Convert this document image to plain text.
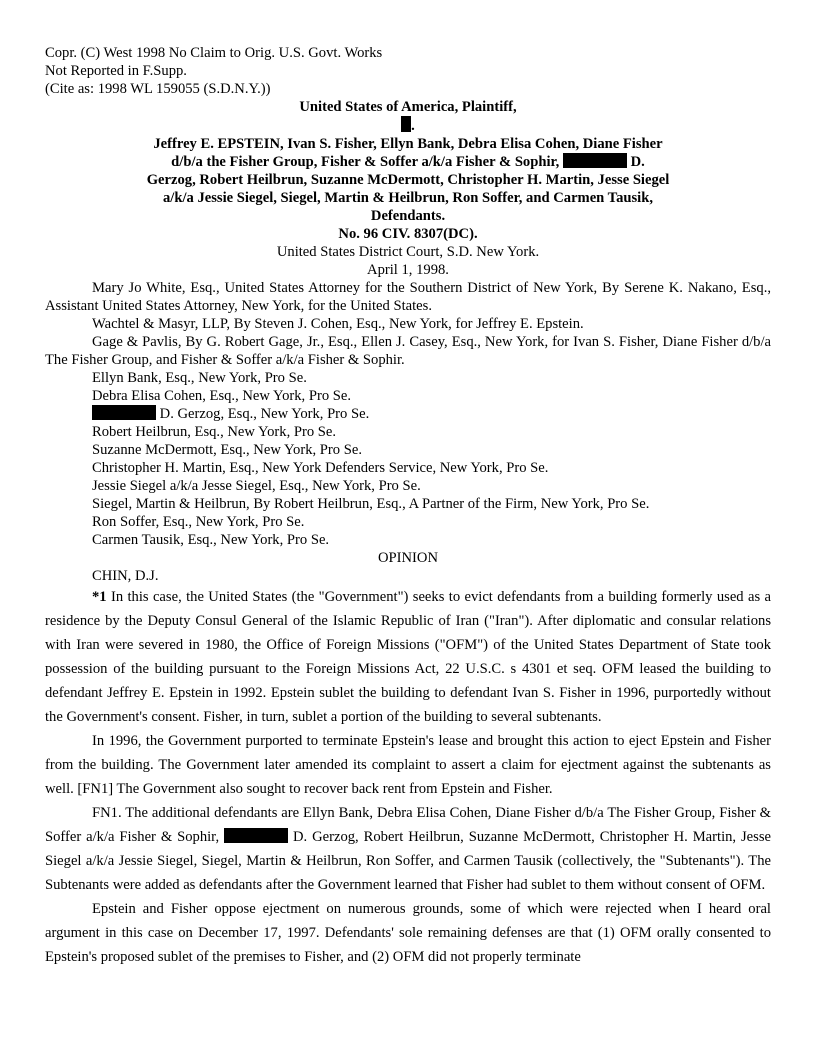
Copr. (C) West 1998 No Claim to Orig. U.S. Govt. Works
Not Reported in F.Supp.
(Cite as: 1998 WL 159055 (S.D.N.Y.))
United States of America, Plaintiff,
.
Jeffrey E. EPSTEIN, Ivan S. Fisher, Ellyn Bank, Debra Elisa Cohen, Diane Fisher
d/b/a the Fisher Group, Fisher & Soffer a/k/a Fisher & Sophir,	D.
Gerzog, Robert Heilbrun, Suzanne McDermott, Christopher H. Martin, Jesse Siegel
a/k/a Jessie Siegel, Siegel, Martin & Heilbrun, Ron Soffer, and Carmen Tausik,
Defendants.
No. 96 CIV. 8307(DC).
United States District Court, S.D. New York.
April 1, 1998.
Mary Jo White, Esq., United States Attorney for the Southern District of New York, By Serene K. Nakano, Esq., Assistant United States Attorney, New York, for the United States.
Wachtel & Masyr, LLP, By Steven J. Cohen, Esq., New York, for Jeffrey E. Epstein.
Gage & Pavlis, By G. Robert Gage, Jr., Esq., Ellen J. Casey, Esq., New York, for Ivan S. Fisher, Diane Fisher d/b/a The Fisher Group, and Fisher & Soffer a/k/a Fisher & Sophir.
Ellyn Bank, Esq., New York, Pro Se.
Debra Elisa Cohen, Esq., New York, Pro Se.
D. Gerzog, Esq., New York, Pro Se.
Robert Heilbrun, Esq., New York, Pro Se.
Suzanne McDermott, Esq., New York, Pro Se.
Christopher H. Martin, Esq., New York Defenders Service, New York, Pro Se.
Jessie Siegel a/k/a Jesse Siegel, Esq., New York, Pro Se.
Siegel, Martin & Heilbrun, By Robert Heilbrun, Esq., A Partner of the Firm, New York, Pro Se.
Ron Soffer, Esq., New York, Pro Se.
Carmen Tausik, Esq., New York, Pro Se.
OPINION
CHIN, D.J.
*1 In this case, the United States (the "Government") seeks to evict defendants from a building formerly used as a residence by the Deputy Consul General of the Islamic Republic of Iran ("Iran"). After diplomatic and consular relations with Iran were severed in 1980, the Office of Foreign Missions ("OFM") of the United States Department of State took possession of the building pursuant to the Foreign Missions Act, 22 U.S.C. s 4301 et seq. OFM leased the building to defendant Jeffrey E. Epstein in 1992. Epstein sublet the building to defendant Ivan S. Fisher in 1996, purportedly without the Government's consent. Fisher, in turn, sublet a portion of the building to several subtenants.
In 1996, the Government purported to terminate Epstein's lease and brought this action to eject Epstein and Fisher from the building. The Government later amended its complaint to assert a claim for ejectment against the subtenants as well. [FN1] The Government also sought to recover back rent from Epstein and Fisher.
FN1. The additional defendants are Ellyn Bank, Debra Elisa Cohen, Diane Fisher d/b/a The Fisher Group, Fisher & Soffer a/k/a Fisher & Sophir,	D. Gerzog, Robert Heilbrun, Suzanne McDermott, Christopher H. Martin, Jesse Siegel a/k/a Jessie Siegel, Siegel, Martin & Heilbrun, Ron Soffer, and Carmen Tausik (collectively, the "Subtenants"). The Subtenants were added as defendants after the Government learned that Fisher had sublet to them without consent of OFM.
Epstein and Fisher oppose ejectment on numerous grounds, some of which were rejected when I heard oral argument in this case on December 17, 1997. Defendants' sole remaining defenses are that (1) OFM orally consented to Epstein's proposed sublet of the premises to Fisher, and (2) OFM did not properly terminate
